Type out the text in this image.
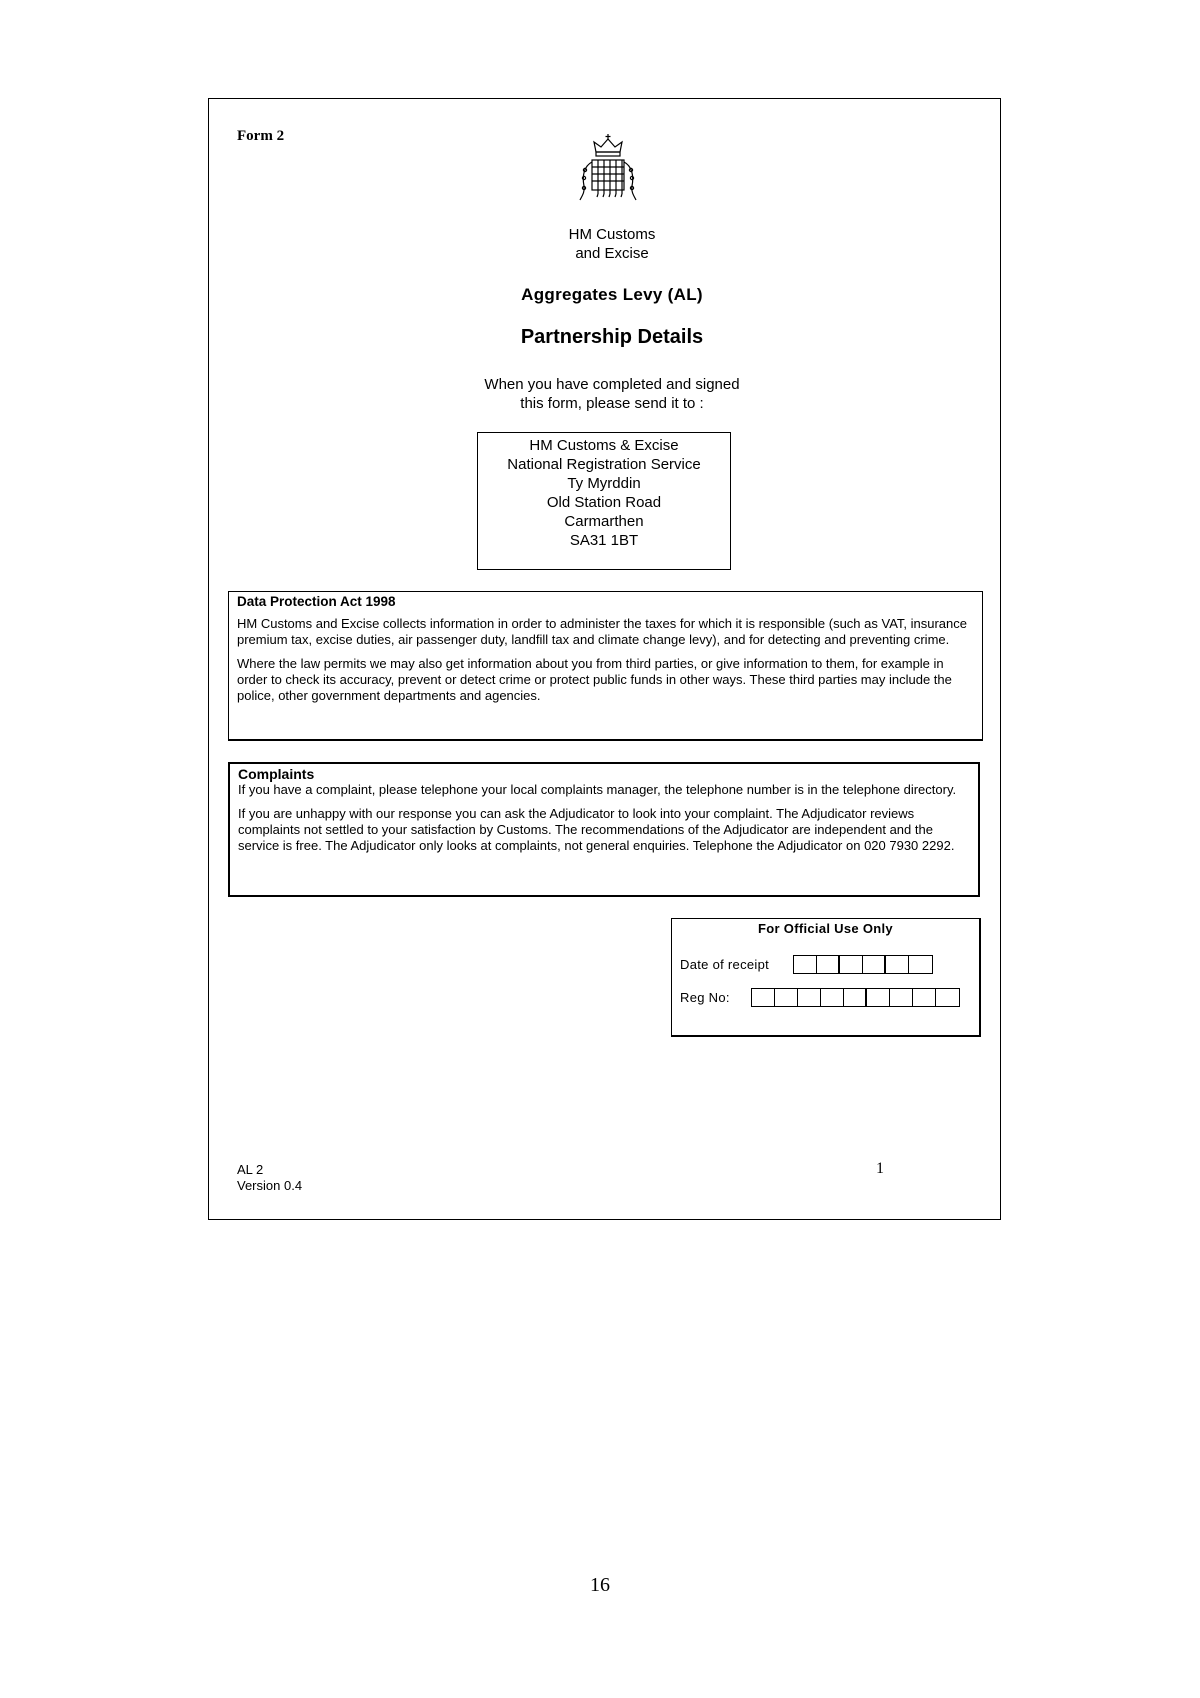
Form 2
HM Customs
and Excise
Aggregates Levy (AL)
Partnership Details
When you have completed and signed
this form, please send it to :
HM Customs & Excise
National Registration Service
Ty Myrddin
Old Station Road
Carmarthen
SA31 1BT
Data Protection Act 1998

HM Customs and Excise collects information in order to administer the taxes for which it is responsible (such as VAT, insurance premium tax, excise duties, air passenger duty, landfill tax and climate change levy), and for detecting and preventing crime.

Where the law permits we may also get information about you from third parties, or give information to them, for example in order to check its accuracy, prevent or detect crime or protect public funds in other ways. These third parties may include the police, other government departments and agencies.

Complaints

If you have a complaint, please telephone your local complaints manager, the telephone number is in the telephone directory.

If you are unhappy with our response you can ask the Adjudicator to look into your complaint. The Adjudicator reviews complaints not settled to your satisfaction by Customs. The recommendations of the Adjudicator are independent and the service is free. The Adjudicator only looks at complaints, not general enquiries. Telephone the Adjudicator on 020 7930 2292.

For Official Use Only
Date of receipt
Reg No:
AL 2
Version 0.4
1
16
